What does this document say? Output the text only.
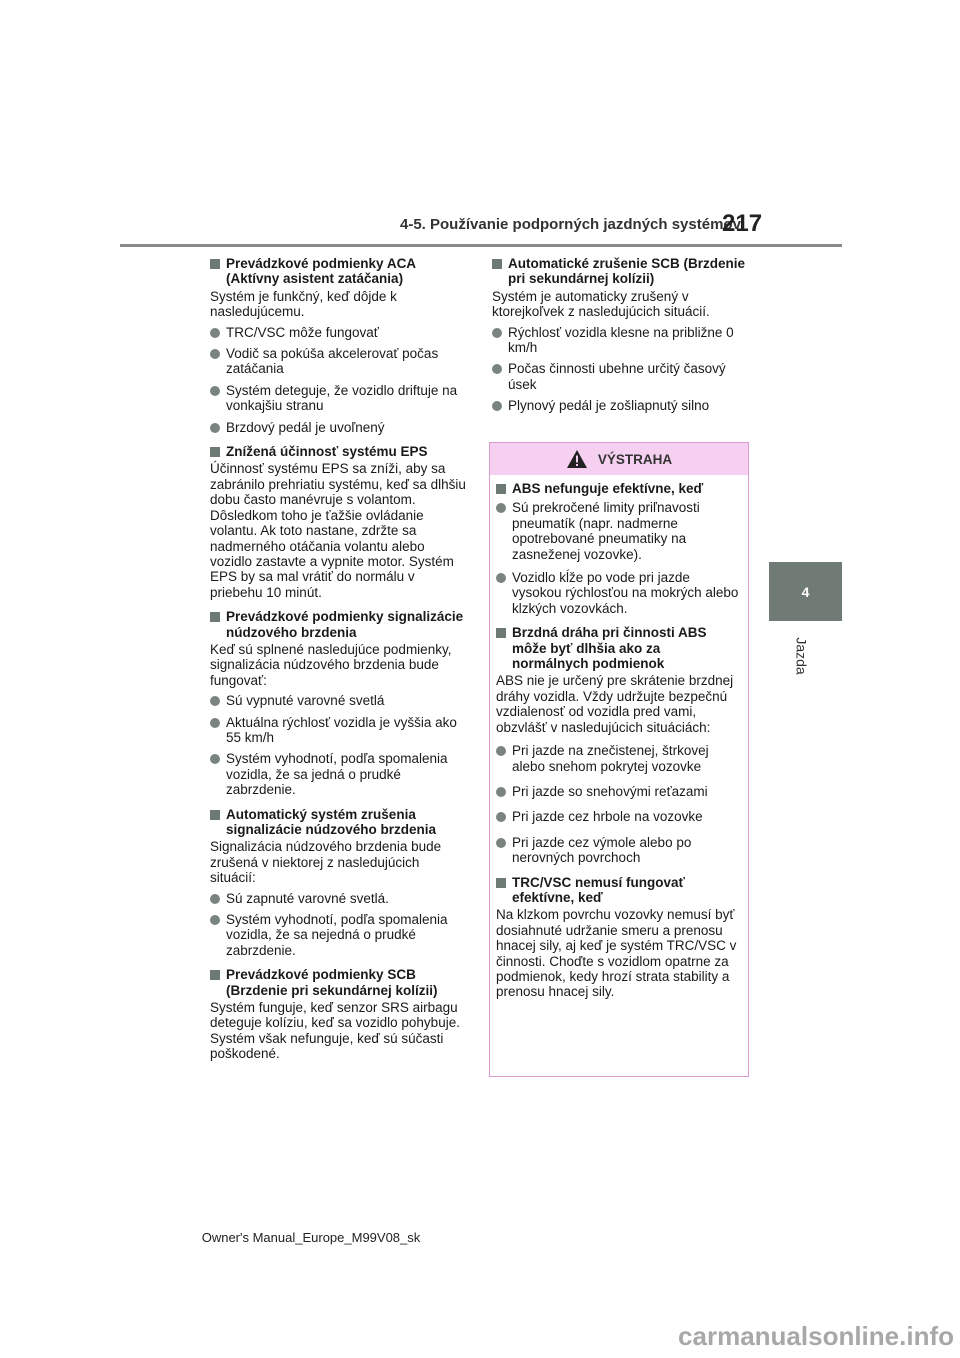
4-5. Používanie podporných jazdných systémov
217
4
Jazda
Prevádzkové podmienky ACA (Aktívny asistent zatáčania)
Systém je funkčný, keď dôjde k nasledujúcemu.
TRC/VSC môže fungovať
Vodič sa pokúša akcelerovať počas zatáčania
Systém deteguje, že vozidlo driftuje na vonkajšiu stranu
Brzdový pedál je uvoľnený
Znížená účinnosť systému EPS
Účinnosť systému EPS sa zníži, aby sa zabránilo prehriatiu systému, keď sa dlhšiu dobu často manévruje s volantom. Dôsledkom toho je ťažšie ovládanie volantu. Ak toto nastane, zdržte sa nadmerného otáčania volantu alebo vozidlo zastavte a vypnite motor. Systém EPS by sa mal vrátiť do normálu v priebehu 10 minút.
Prevádzkové podmienky signalizácie núdzového brzdenia
Keď sú splnené nasledujúce podmienky, signalizácia núdzového brzdenia bude fungovať:
Sú vypnuté varovné svetlá
Aktuálna rýchlosť vozidla je vyššia ako 55 km/h
Systém vyhodnotí, podľa spomalenia vozidla, že sa jedná o prudké zabrzdenie.
Automatický systém zrušenia signalizácie núdzového brzdenia
Signalizácia núdzového brzdenia bude zrušená v niektorej z nasledujúcich situácií:
Sú zapnuté varovné svetlá.
Systém vyhodnotí, podľa spomalenia vozidla, že sa nejedná o prudké zabrzdenie.
Prevádzkové podmienky SCB (Brzdenie pri sekundárnej kolízii)
Systém funguje, keď senzor SRS airbagu deteguje kolíziu, keď sa vozidlo pohybuje.
Systém však nefunguje, keď sú súčasti poškodené.
Automatické zrušenie SCB (Brzdenie pri sekundárnej kolízii)
Systém je automaticky zrušený v ktorejkoľvek z nasledujúcich situácií.
Rýchlosť vozidla klesne na približne 0 km/h
Počas činnosti ubehne určitý časový úsek
Plynový pedál je zošliapnutý silno
VÝSTRAHA
ABS nefunguje efektívne, keď
Sú prekročené limity priľnavosti pneumatík (napr. nadmerne opotrebované pneumatiky na zasneženej vozovke).
Vozidlo kĺže po vode pri jazde vysokou rýchlosťou na mokrých alebo klzkých vozovkách.
Brzdná dráha pri činnosti ABS môže byť dlhšia ako za normálnych podmienok
ABS nie je určený pre skrátenie brzdnej dráhy vozidla. Vždy udržujte bezpečnú vzdialenosť od vozidla pred vami, obzvlášť v nasledujúcich situáciách:
Pri jazde na znečistenej, štrkovej alebo snehom pokrytej vozovke
Pri jazde so snehovými reťazami
Pri jazde cez hrbole na vozovke
Pri jazde cez výmole alebo po nerovných povrchoch
TRC/VSC nemusí fungovať efektívne, keď
Na klzkom povrchu vozovky nemusí byť dosiahnuté udržanie smeru a prenosu hnacej sily, aj keď je systém TRC/VSC v činnosti. Choďte s vozidlom opatrne za podmienok, kedy hrozí strata stability a prenosu hnacej sily.
Owner's Manual_Europe_M99V08_sk
carmanualsonline.info
